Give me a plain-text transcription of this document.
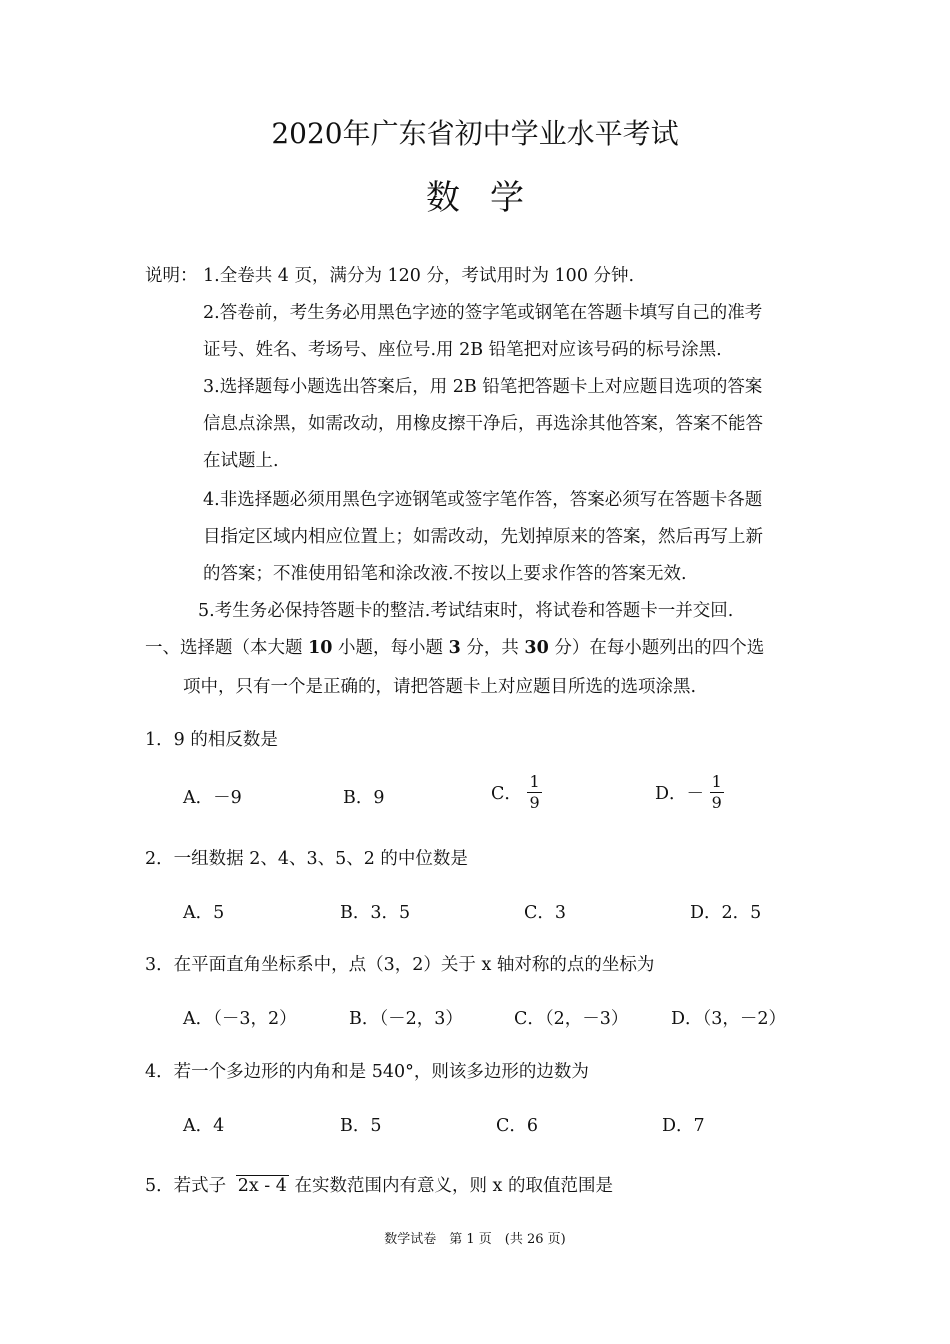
2020年广东省初中学业水平考试
数学
说明： 1.全卷共 4 页，满分为 120 分，考试用时为 100 分钟.
2.答卷前，考生务必用黑色字迹的签字笔或钢笔在答题卡填写自己的准考
证号、姓名、考场号、座位号.用 2B 铅笔把对应该号码的标号涂黑.
3.选择题每小题选出答案后，用 2B 铅笔把答题卡上对应题目选项的答案
信息点涂黑，如需改动，用橡皮擦干净后，再选涂其他答案，答案不能答
在试题上.
4.非选择题必须用黑色字迹钢笔或签字笔作答，答案必须写在答题卡各题
目指定区域内相应位置上；如需改动，先划掉原来的答案，然后再写上新
的答案；不准使用铅笔和涂改液.不按以上要求作答的答案无效.
5.考生务必保持答题卡的整洁.考试结束时，将试卷和答题卡一并交回.
一、选择题（本大题 10 小题，每小题 3 分，共 30 分）在每小题列出的四个选
项中，只有一个是正确的，请把答题卡上对应题目所选的选项涂黑.
1．9 的相反数是
A．－9	B．9	C． $\frac{1}{9}$	D．－ $\frac{1}{9}$
2．一组数据 2、4、3、5、2 的中位数是
A．5	B．3．5	C．3	D．2．5
3．在平面直角坐标系中，点（3，2）关于 x 轴对称的点的坐标为
A．（－3，2）	B．（－2，3）	C．（2，－3） D．（3，－2）
4．若一个多边形的内角和是 540°，则该多边形的边数为
A．4	B．5	C．6	D．7
5．若式子 2x - 4 在实数范围内有意义，则 x 的取值范围是
数学试卷　第 1 页　(共 26 页)
